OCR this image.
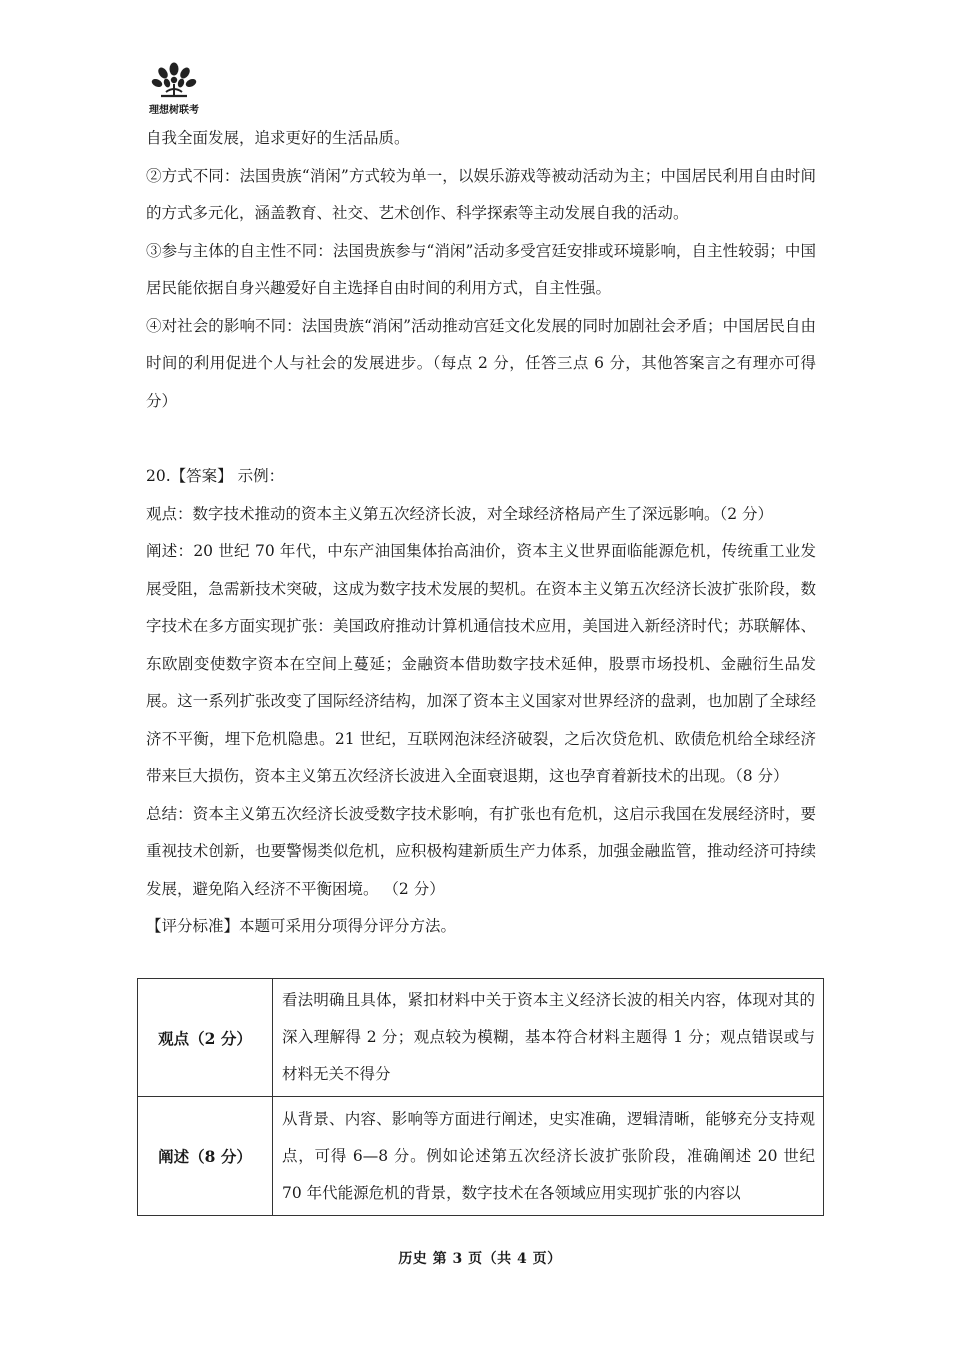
理想树联考

自我全面发展，追求更好的生活品质。

②方式不同：法国贵族“消闲”方式较为单一，以娱乐游戏等被动活动为主；中国居民利用自由时间的方式多元化，涵盖教育、社交、艺术创作、科学探索等主动发展自我的活动。

③参与主体的自主性不同：法国贵族参与“消闲”活动多受宫廷安排或环境影响，自主性较弱；中国居民能依据自身兴趣爱好自主选择自由时间的利用方式，自主性强。

④对社会的影响不同：法国贵族“消闲”活动推动宫廷文化发展的同时加剧社会矛盾；中国居民自由时间的利用促进个人与社会的发展进步。（每点 2 分，任答三点 6 分，其他答案言之有理亦可得分）

20.【答案】 示例：

观点：数字技术推动的资本主义第五次经济长波，对全球经济格局产生了深远影响。（2 分）

阐述：20 世纪 70 年代，中东产油国集体抬高油价，资本主义世界面临能源危机，传统重工业发展受阻，急需新技术突破，这成为数字技术发展的契机。在资本主义第五次经济长波扩张阶段，数字技术在多方面实现扩张：美国政府推动计算机通信技术应用，美国进入新经济时代；苏联解体、东欧剧变使数字资本在空间上蔓延；金融资本借助数字技术延伸，股票市场投机、金融衍生品发展。这一系列扩张改变了国际经济结构，加深了资本主义国家对世界经济的盘剥，也加剧了全球经济不平衡，埋下危机隐患。21 世纪，互联网泡沫经济破裂，之后次贷危机、欧债危机给全球经济带来巨大损伤，资本主义第五次经济长波进入全面衰退期，这也孕育着新技术的出现。（8 分）

总结：资本主义第五次经济长波受数字技术影响，有扩张也有危机，这启示我国在发展经济时，要重视技术创新，也要警惕类似危机，应积极构建新质生产力体系，加强金融监管，推动经济可持续发展，避免陷入经济不平衡困境。 （2 分）

【评分标准】本题可采用分项得分评分方法。

观点（2 分）	看法明确且具体，紧扣材料中关于资本主义经济长波的相关内容，体现对其的深入理解得 2 分；观点较为模糊，基本符合材料主题得 1 分；观点错误或与材料无关不得分
阐述（8 分）	从背景、内容、影响等方面进行阐述，史实准确，逻辑清晰，能够充分支持观点，可得 6—8 分。例如论述第五次经济长波扩张阶段，准确阐述 20 世纪 70 年代能源危机的背景，数字技术在各领域应用实现扩张的内容以
历史 第 3 页（共 4 页）
